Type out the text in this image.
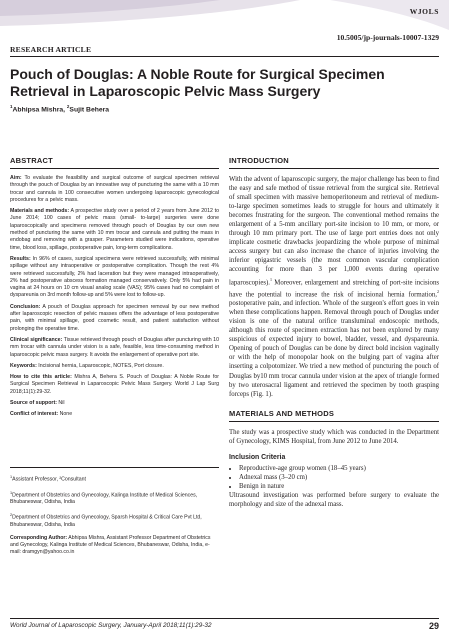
WJOLS
10.5005/jp-journals-10007-1329
RESEARCH ARTICLE
Pouch of Douglas: A Noble Route for Surgical Specimen Retrieval in Laparoscopic Pelvic Mass Surgery
$^1$Abhipsa Mishra, $^2$Sujit Behera
ABSTRACT

Aim: To evaluate the feasibility and surgical outcome of surgical specimen retrieval through the pouch of Douglas by an innovative way of puncturing the same with a 10 mm trocar and cannula in 100 consecutive women undergoing laparoscopic gynecological procedures for a pelvic mass.

Materials and methods: A prospective study over a period of 2 years from June 2012 to June 2014; 100 cases of pelvic mass (small- to-large) surgeries were done laparoscopically and specimens removed through pouch of Douglas by our own new method of puncturing the same with 10 mm trocar and cannula and putting the mass in endobag and removing with a grasper. Parameters studied were indications, operative time, blood loss, spillage, postoperative pain, long-term complications.

Results: In 96% of cases, surgical specimens were retrieved successfully, with minimal spillage without any intraoperative or postoperative complication. Though the rest 4% were retrieved successfully, 2% had laceration but they were managed intraoperatively, 2% had postoperative abscess formation managed conservatively. Only 5% had pain in vagina at 24 hours on 10 cm visual analog scale (VAS); 95% cases had no complaint of dyspareunia on 3rd month follow-up and 5% were lost to follow-up.

Conclusion: A pouch of Douglas approach for specimen removal by our new method after laparoscopic resection of pelvic masses offers the advantage of less postoperative pain, with minimal spillage, good cosmetic result, and patient satisfaction without prolonging the operative time.

Clinical significance: Tissue retrieved through pouch of Douglas after puncturing with 10 mm trocar with cannula under vision is a safe, feasible, less time-consuming method in laparoscopic pelvic mass surgery. It avoids the enlargement of operative port site.

Keywords: Incisional hernia, Laparoscopic, NOTES, Port closure.

How to cite this article: Mishra A, Behera S. Pouch of Douglas: A Noble Route for Surgical Specimen Retrieval in Laparoscopic Pelvic Mass Surgery. World J Lap Surg 2018;11(1):29-32.

Source of support: Nil

Conflict of interest: None

$^1$Assistant Professor, ²Consultant

$^1$Department of Obstetrics and Gynecology, Kalinga Institute of Medical Sciences, Bhubaneswar, Odisha, India

$^2$Department of Obstetrics and Gynecology, Sparsh Hospital & Critical Care Pvt Ltd, Bhubaneswar, Odisha, India

Corresponding Author: Abhipsa Mishra, Assistant Professor Department of Obstetrics and Gynecology, Kalinga Institute of Medical Sciences, Bhubaneswar, Odisha, India, e-mail: dramgyn@yahoo.co.in

INTRODUCTION

With the advent of laparoscopic surgery, the major challenge has been to find the easy and safe method of tissue retrieval from the surgical site. Retrieval of small specimen with massive hemoperitoneum and retrieval of medium-to-large specimen sometimes leads to struggle for hours and ultimately it becomes frustrating for the surgeon. The conventional method remains the enlargement of a 5-mm ancillary port-site incision to 10 mm, or more, or through 10 mm primary port. The use of large port entries does not only implicate cosmetic drawbacks jeopardizing the whole purpose of minimal access surgery but can also increase the chance of injuries involving the inferior epigastric vessels (the most common vascular complication accounting for more than 3 per 1,000 events during operative laparoscopies).$^1$ Moreover, enlargement and stretching of port-site incisions have the potential to increase the risk of incisional hernia formation,$^2$ postoperative pain, and infection. Whole of the surgeon's effort goes in vein when these complications happen. Removal through pouch of Douglas under vision is one of the natural orifice transluminal endoscopic methods, although this route of specimen extraction has not been explored by many suspicious of expected injury to bowel, bladder, vessel, and dyspareunia. Opening of pouch of Douglas can be done by direct bold incision vaginally or with the help of monopolar hook on the bulging part of vagina after inserting a colpotomizer. We tried a new method of puncturing the pouch of Douglas by10 mm trocar cannula under vision at the apex of triangle formed by two uterosacral ligament and retrieved the specimen by tooth grasping forceps (Fig. 1).

MATERIALS AND METHODS

The study was a prospective study which was conducted in the Department of Gynecology, KIMS Hospital, from June 2012 to June 2014.

Inclusion Criteria
• Reproductive-age group women (18–45 years)
• Adnexal mass (3–20 cm)
• Benign in nature

Ultrasound investigation was performed before surgery to evaluate the morphology and size of the adnexal mass.

World Journal of Laparoscopic Surgery, January-April 2018;11(1):29-32	29
